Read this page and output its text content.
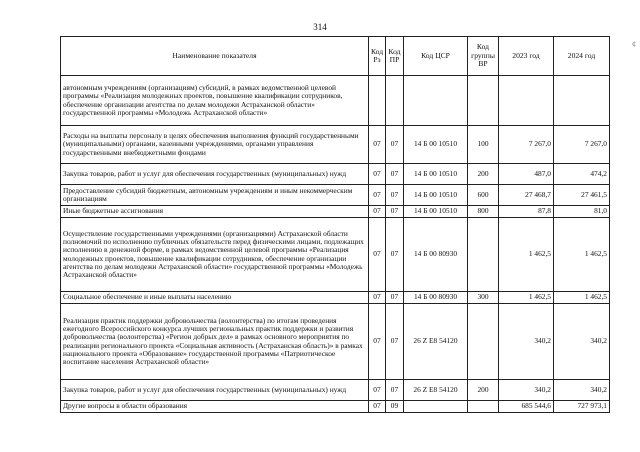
314
¢
Наименование показателя	Код Рз	Код ПР	Код ЦСР	Код группы ВР	2023 год	2024 год
автономным учреждениям (организациям) субсидий, в рамках ведомственной целевой программы «Реализация молодежных проектов, повышение квалификации сотрудников, обеспечение организации агентства по делам молодежи Астраханской области» государственной программы «Молодежь Астраханской области»						
Расходы на выплаты персоналу в целях обеспечения выполнения функций государственными (муниципальными) органами, казенными учреждениями, органами управления государственными внебюджетными фондами	07	07	14 Б 00 10510	100	7 267,0	7 267,0
Закупка товаров, работ и услуг для обеспечения государственных (муниципальных) нужд	07	07	14 Б 00 10510	200	487,0	474,2
Предоставление субсидий бюджетным, автономным учреждениям и иным некоммерческим организациям	07	07	14 Б 00 10510	600	27 468,7	27 461,5
Иные бюджетные ассигнования	07	07	14 Б 00 10510	800	87,8	81,0
Осуществление государственными учреждениями (организациями) Астраханской области полномочий по исполнению публичных обязательств перед физическими лицами, подлежащих исполнению в денежной форме, в рамках ведомственной целевой программы «Реализация молодежных проектов, повышение квалификации сотрудников, обеспечение организации агентства по делам молодежи Астраханской области» государственной программы «Молодежь Астраханской области»	07	07	14 Б 00 80930		1 462,5	1 462,5
Социальное обеспечение и иные выплаты населению	07	07	14 Б 00 80930	300	1 462,5	1 462,5
Реализация практик поддержки добровольчества (волонтерства) по итогам проведения ежегодного Всероссийского конкурса лучших региональных практик поддержки и развития добровольчества (волонтерства) «Регион добрых дел» в рамках основного мероприятия по реализации регионального проекта «Социальная активность (Астраханская область)» в рамках национального проекта «Образование» государственной программы «Патриотическое воспитание населения Астраханской области»	07	07	26 Z E8 54120		340,2	340,2
Закупка товаров, работ и услуг для обеспечения государственных (муниципальных) нужд	07	07	26 Z E8 54120	200	340,2	340,2
Другие вопросы в области образования	07	09			685 544,6	727 973,1
